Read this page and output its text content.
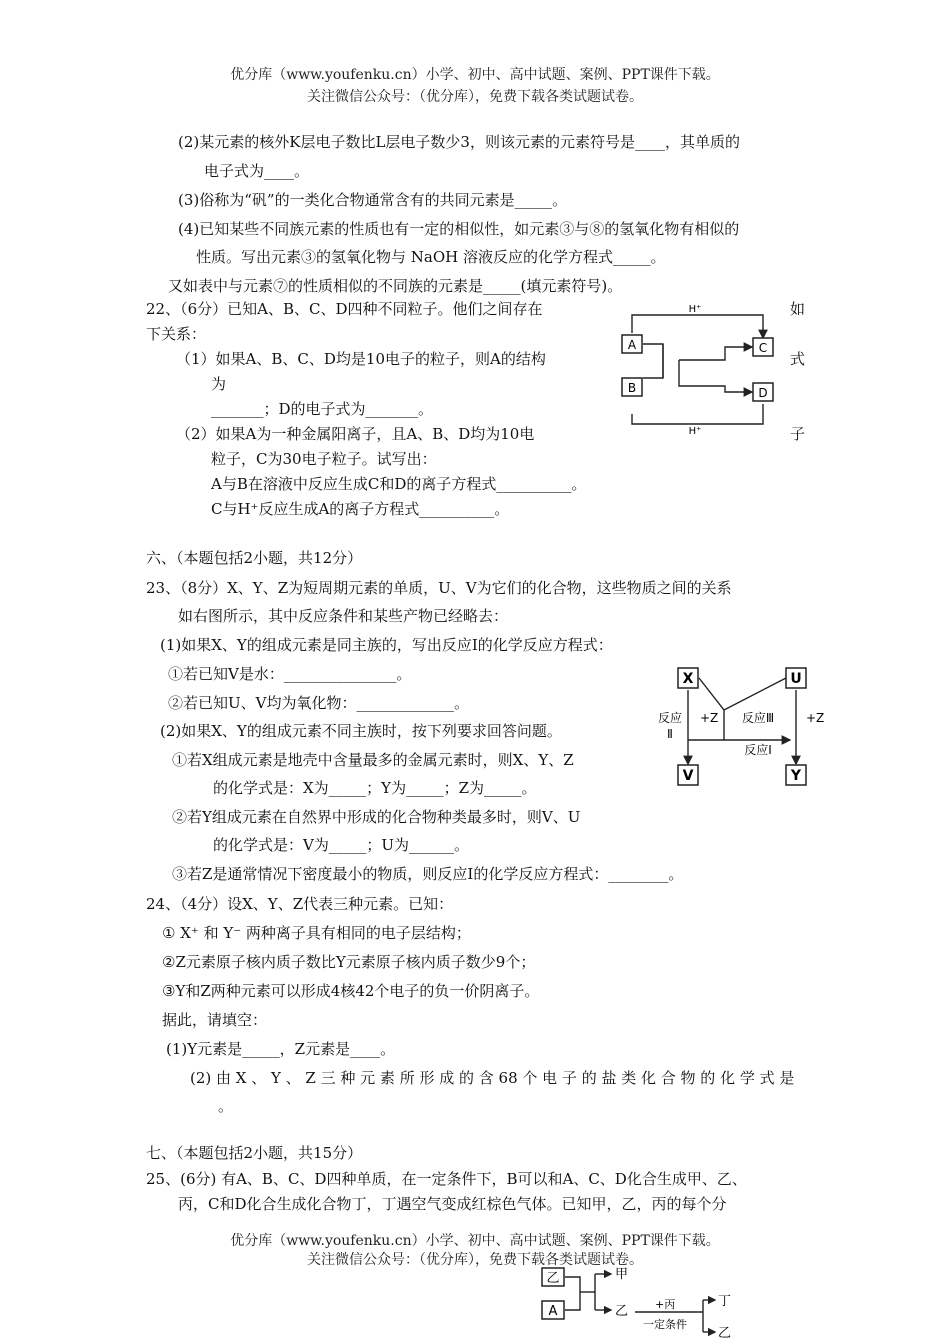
优分库（www.youfenku.cn）小学、初中、高中试题、案例、PPT课件下载。
关注微信公众号：（优分库），免费下载各类试题试卷。
(2)某元素的核外K层电子数比L层电子数少3，则该元素的元素符号是____，其单质的
电子式为____。
(3)俗称为“矾”的一类化合物通常含有的共同元素是_____。
(4)已知某些不同族元素的性质也有一定的相似性，如元素③与⑧的氢氧化物有相似的
性质。写出元素③的氢氧化物与 NaOH 溶液反应的化学方程式_____。
又如表中与元素⑦的性质相似的不同族的元素是_____(填元素符号)。
22、（6分）已知A、B、C、D四种不同粒子。他们之间存在	如
下关系：
（1）如果A、B、C、D均是10电子的粒子，则A的结构	式
为
_______；D的电子式为_______。
（2）如果A为一种金属阳离子，且A、B、D均为10电	子
粒子，C为30电子粒子。试写出：
A与B在溶液中反应生成C和D的离子方程式__________。
C与H⁺反应生成A的离子方程式__________。
A	C
B	D
H⁺
H⁺
六、（本题包括2小题，共12分）
23、（8分）X、Y、Z为短周期元素的单质，U、V为它们的化合物，这些物质之间的关系
如右图所示，其中反应条件和某些产物已经略去：
(1)如果X、Y的组成元素是同主族的，写出反应I的化学反应方程式：
①若已知V是水：_______________。
②若已知U、V均为氧化物：_____________。
(2)如果X、Y的组成元素不同主族时，按下列要求回答问题。
①若X组成元素是地壳中含量最多的金属元素时，则X、Y、Z
的化学式是：X为_____；Y为_____；Z为_____。
②若Y组成元素在自然界中形成的化合物种类最多时，则V、U
的化学式是：V为_____；U为______。
③若Z是通常情况下密度最小的物质，则反应I的化学反应方程式：________。
X	U
V	Y
反应
Ⅱ
+Z 反应Ⅲ	+Z
反应Ⅰ
24、（4分）设X、Y、Z代表三种元素。已知：
① X⁺ 和 Y⁻ 两种离子具有相同的电子层结构；
②Z元素原子核内质子数比Y元素原子核内质子数少9个；
③Y和Z两种元素可以形成4核42个电子的负一价阴离子。
据此，请填空：
(1)Y元素是_____，Z元素是____。
(2) 由 X 、 Y 、 Z 三 种 元 素 所 形 成 的 含 68 个 电 子 的 盐 类 化 合 物 的 化 学 式 是
。
七、（本题包括2小题，共15分）
25、(6分) 有A、B、C、D四种单质，在一定条件下，B可以和A、C、D化合生成甲、乙、
丙，C和D化合生成化合物丁，丁遇空气变成红棕色气体。已知甲，乙，丙的每个分
优分库（www.youfenku.cn）小学、初中、高中试题、案例、PPT课件下载。
关注微信公众号：（优分库），免费下载各类试题试卷。
乙
A
甲
乙 +丙
一定条件
丁
乙
